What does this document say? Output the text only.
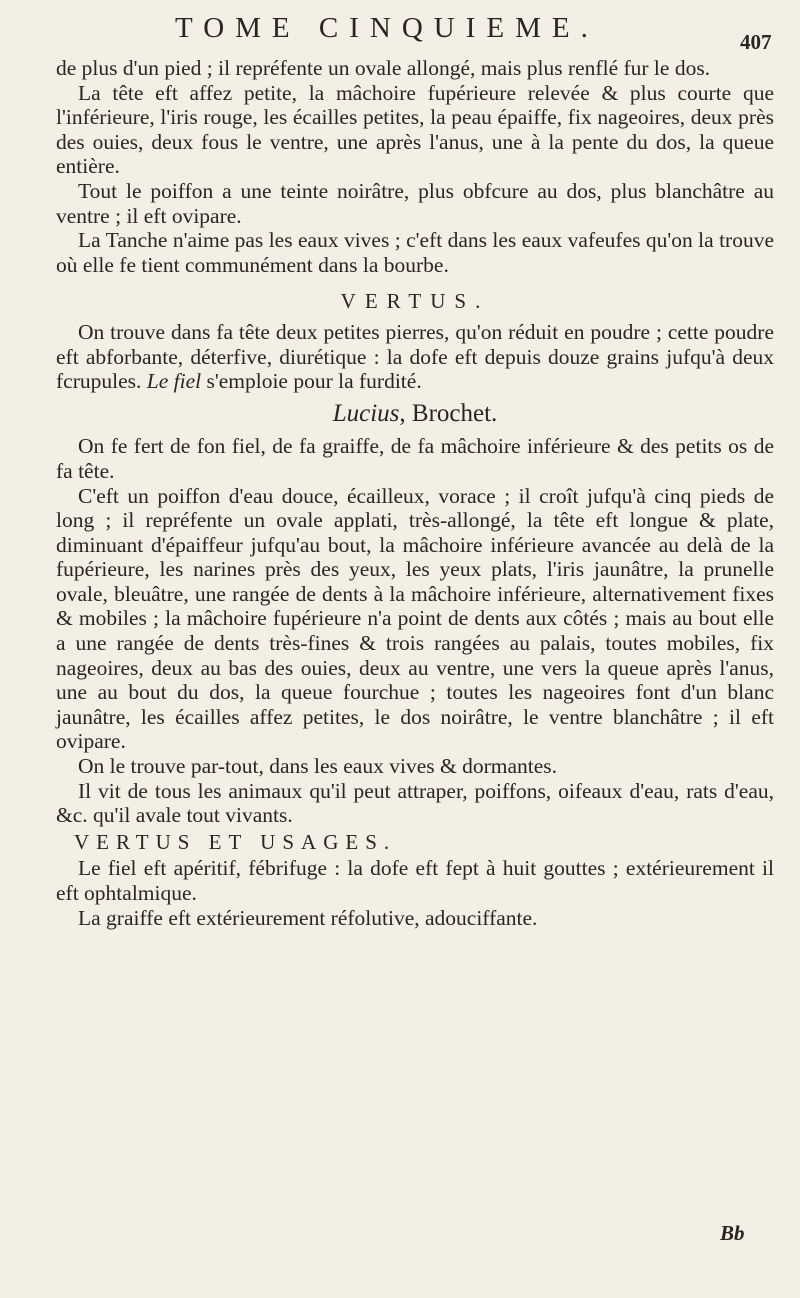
TOME CINQUIEME.	407

de plus d'un pied ; il repréfente un ovale allongé, mais plus renflé fur le dos.

La tête eft affez petite, la mâchoire fupérieure relevée & plus courte que l'inférieure, l'iris rouge, les écailles petites, la peau épaiffe, fix nageoires, deux près des ouies, deux fous le ventre, une après l'anus, une à la pente du dos, la queue entière.

Tout le poiffon a une teinte noirâtre, plus obfcure au dos, plus blanchâtre au ventre ; il eft ovipare.

La Tanche n'aime pas les eaux vives ; c'eft dans les eaux vafeufes qu'on la trouve où elle fe tient communément dans la bourbe.

VERTUS.

On trouve dans fa tête deux petites pierres, qu'on réduit en poudre ; cette poudre eft abforbante, déterfive, diurétique : la dofe eft depuis douze grains jufqu'à deux fcrupules. Le fiel s'emploie pour la furdité.

Lucius, Brochet.

On fe fert de fon fiel, de fa graiffe, de fa mâchoire inférieure & des petits os de fa tête.

C'eft un poiffon d'eau douce, écailleux, vorace ; il croît jufqu'à cinq pieds de long ; il repréfente un ovale applati, très-allongé, la tête eft longue & plate, diminuant d'épaiffeur jufqu'au bout, la mâchoire inférieure avancée au delà de la fupérieure, les narines près des yeux, les yeux plats, l'iris jaunâtre, la prunelle ovale, bleuâtre, une rangée de dents à la mâchoire inférieure, alternativement fixes & mobiles ; la mâchoire fupérieure n'a point de dents aux côtés ; mais au bout elle a une rangée de dents très-fines & trois rangées au palais, toutes mobiles, fix nageoires, deux au bas des ouies, deux au ventre, une vers la queue après l'anus, une au bout du dos, la queue fourchue ; toutes les nageoires font d'un blanc jaunâtre, les écailles affez petites, le dos noirâtre, le ventre blanchâtre ; il eft ovipare.

On le trouve par-tout, dans les eaux vives & dormantes.

Il vit de tous les animaux qu'il peut attraper, poiffons, oifeaux d'eau, rats d'eau, &c. qu'il avale tout vivants.

VERTUS ET USAGES.

Le fiel eft apéritif, fébrifuge : la dofe eft fept à huit gouttes ; extérieurement il eft ophtalmique.

La graiffe eft extérieurement réfolutive, adouciffante.

Bb
